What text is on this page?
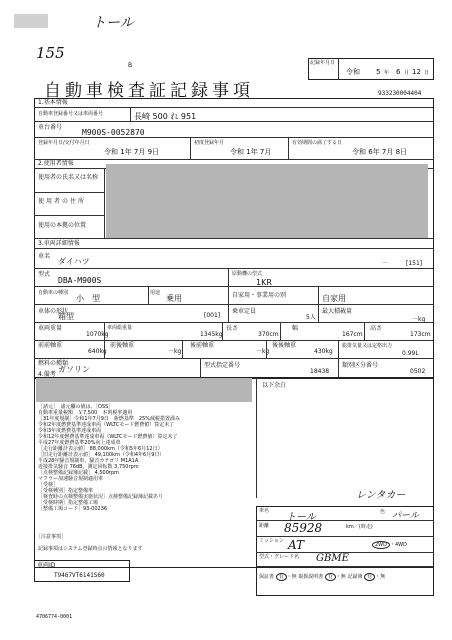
トール
155
B	記録年月日
令和 5 年 6 月 12 日
自動車検査証記録事項	933230004404
1.基本情報
自動車登録番号又は車両番号	長崎 500 れ 951
車台番号
M900S-0052870
登録年月日/交付年月日
令和 1年 7月 9日
初度登録年月
令和 1年 7月
有効期間の満了する日
令和 6年 7月 8日
2.使用者情報
使用者の氏名又は名称
使用者の住所
使用の本拠の位置
3.車両詳細情報
車名
ダイハツ	－	[151]
型式
DBA-M900S
原動機の型式
1KR
自動車の種別
小　型
用途
乗用	自家用・事業用の別	自家用
車体の形状
箱型	[001]
乗車定員
5人
最大積載量
－kg
車両重量
1070kg
車両総重量
1345kg
長さ
370cm
幅
167cm
高さ
173cm
前前軸重
640kg
前後軸重
－kg
後前軸重
－kg
後後軸重
430kg
総排気量又は定格出力
0.99L
燃料の種類
ガソリン	型式指定番号
18438
類別区分番号
0502
4.備考
以下余白
［諸元］　諸元欄の値は、［OSS］
自動車重量税額　￥7,500　本則税率適用
［31年度規制］令和1年7月9日　新燃基準　25%減税措置満み
令和2年度燃費基準達成車両（WLTCモード燃費値）算定未了
令和3年度燃費基準達成車両
令和12年度燃費基準達成車両（WLTCモード燃費値）算定未了
平成27年度燃費基準20%向上達成車
［走行距離計表示値］ 88,000km（令和5年6月12日）
［旧走行距離計表示値］ 49,100km（令和4年6月9日）
平成28年騒音規制車，騒音カテゴリ M1A1A
近接排気騒音 76dB，測定回転数 3,750rpm
［点検整備記録簿記載］ 4,500rpm
マフラー加速騒音規制適用車
［受検］
［受検種別］指定整備車
［検査時の点検整備実施状況］点検整備記録簿記載あり
［受検時期］指定整備工場
［整備工場コード］93-00236
［注意事項］
記録事項はシステム登録時点の情報となります
車両ID
T9467VT6141S60
4706774-0001
レンタカー
車名
トール	色 パール
距離 85928	km／(時走)
ミッション AT	2WD ・4WD
型式・グレード名 GBME
保証書 有 ・無 取扱説明書 有 ・無 記録簿 有 ・無
